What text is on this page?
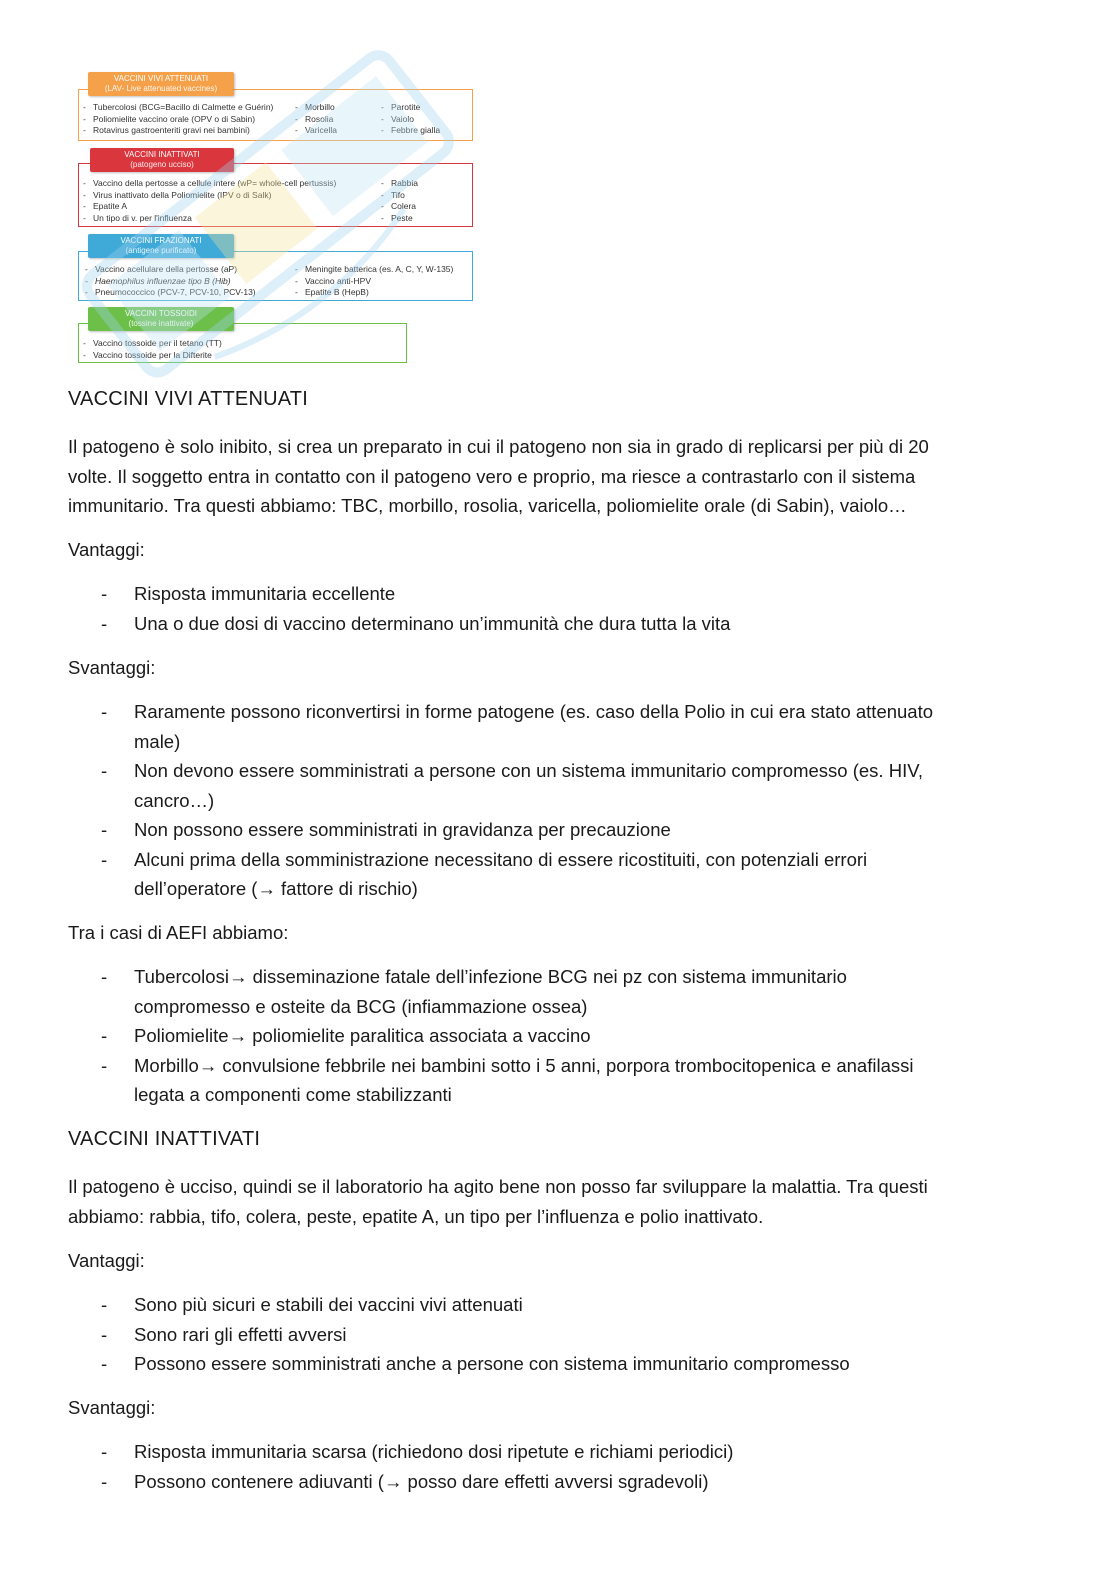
- Tubercolosi (BCG=Bacillo di Calmette e Guérin)
- Poliomielite vaccino orale (OPV o di Sabin)
- Rotavirus gastroenteriti gravi nei bambini)
- Morbillo
- Rosolia
- Varicella
- Parotite
- Vaiolo
- Febbre gialla
VACCINI VIVI ATTENUATI
(LAV- Live attenuated vaccines)
- Vaccino della pertosse a cellule intere (wP= whole-cell pertussis)
- Virus inattivato della Poliomielite (IPV o di Salk)
- Epatite A
- Un tipo di v. per l'influenza
- Rabbia
- Tifo
- Colera
- Peste
VACCINI INATTIVATI
(patogeno ucciso)
- Vaccino acellulare della pertosse (aP)
- Haemophilus influenzae tipo B (Hib)
- Pneumococcico (PCV-7, PCV-10, PCV-13)
- Meningite batterica (es. A, C, Y, W-135)
- Vaccino anti-HPV
- Epatite B (HepB)
VACCINI FRAZIONATI
(antigene purificato)
- Vaccino tossoide per il tetano (TT)
- Vaccino tossoide per la Difterite
VACCINI TOSSOIDI
(tossine inattivate)
VACCINI VIVI ATTENUATI
Il patogeno è solo inibito, si crea un preparato in cui il patogeno non sia in grado di replicarsi per più di 20
volte. Il soggetto entra in contatto con il patogeno vero e proprio, ma riesce a contrastarlo con il sistema
immunitario. Tra questi abbiamo: TBC, morbillo, rosolia, varicella, poliomielite orale (di Sabin), vaiolo…
Vantaggi:
- Risposta immunitaria eccellente
- Una o due dosi di vaccino determinano un’immunità che dura tutta la vita
Svantaggi:
- Raramente possono riconvertirsi in forme patogene (es. caso della Polio in cui era stato attenuato
male)
- Non devono essere somministrati a persone con un sistema immunitario compromesso (es. HIV,
cancro…)
- Non possono essere somministrati in gravidanza per precauzione
- Alcuni prima della somministrazione necessitano di essere ricostituiti, con potenziali errori
dell’operatore (→ fattore di rischio)
Tra i casi di AEFI abbiamo:
- Tubercolosi→ disseminazione fatale dell’infezione BCG nei pz con sistema immunitario
compromesso e osteite da BCG (infiammazione ossea)
- Poliomielite→ poliomielite paralitica associata a vaccino
- Morbillo→ convulsione febbrile nei bambini sotto i 5 anni, porpora trombocitopenica e anafilassi
legata a componenti come stabilizzanti
VACCINI INATTIVATI
Il patogeno è ucciso, quindi se il laboratorio ha agito bene non posso far sviluppare la malattia. Tra questi
abbiamo: rabbia, tifo, colera, peste, epatite A, un tipo per l’influenza e polio inattivato.
Vantaggi:
- Sono più sicuri e stabili dei vaccini vivi attenuati
- Sono rari gli effetti avversi
- Possono essere somministrati anche a persone con sistema immunitario compromesso
Svantaggi:
- Risposta immunitaria scarsa (richiedono dosi ripetute e richiami periodici)
- Possono contenere adiuvanti (→ posso dare effetti avversi sgradevoli)
